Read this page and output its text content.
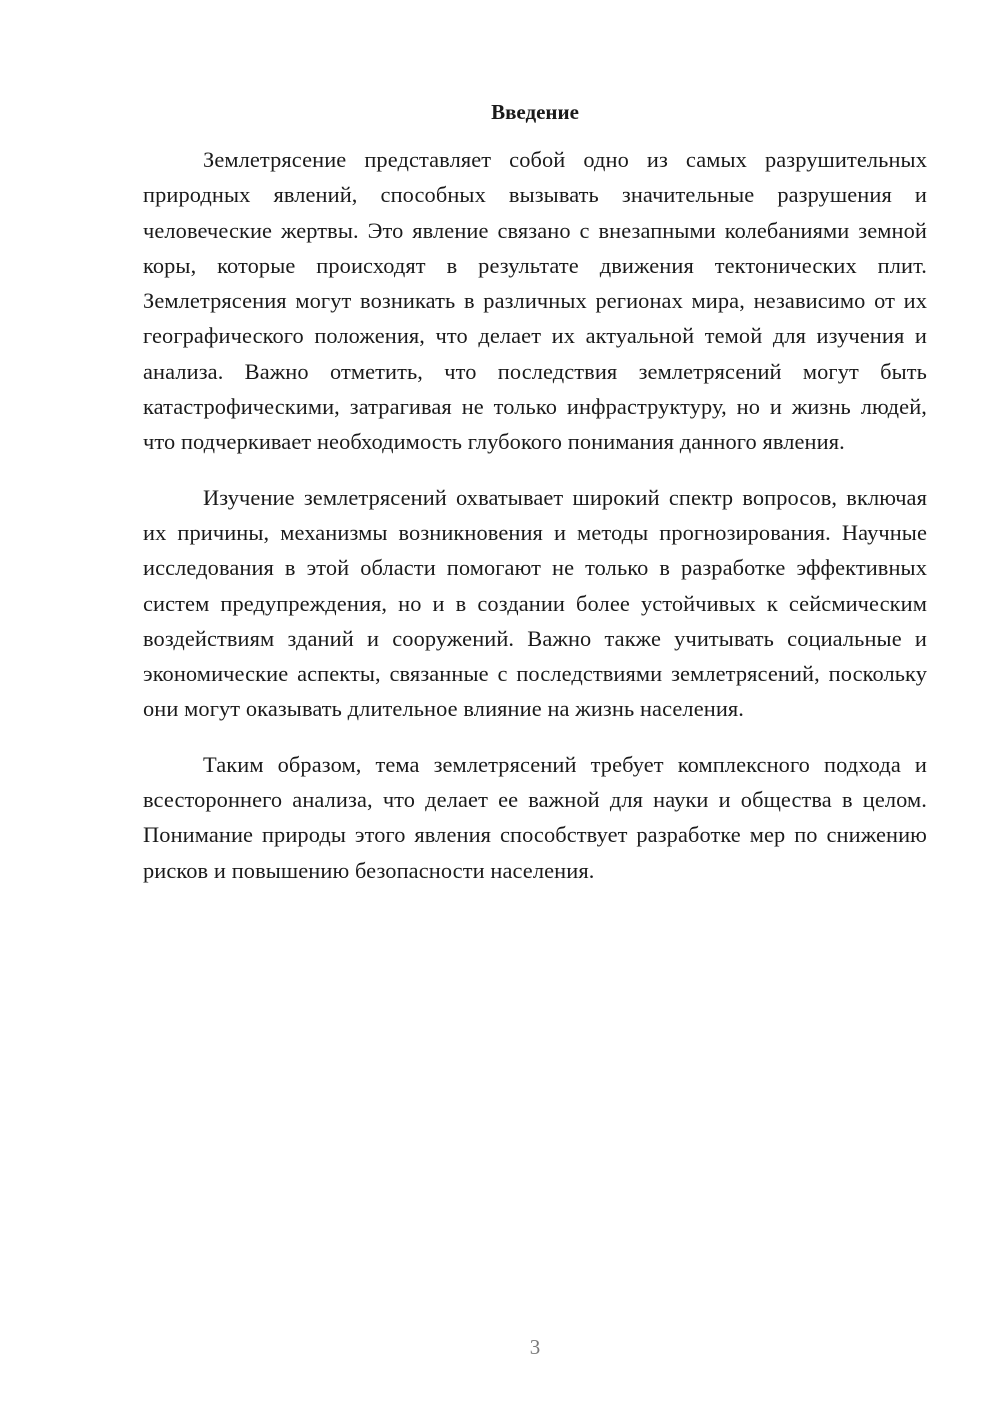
Введение

Землетрясение представляет собой одно из самых разрушительных природных явлений, способных вызывать значительные разрушения и человеческие жертвы. Это явление связано с внезапными колебаниями земной коры, которые происходят в результате движения тектонических плит. Землетрясения могут возникать в различных регионах мира, независимо от их географического положения, что делает их актуальной темой для изучения и анализа. Важно отметить, что последствия землетрясений могут быть катастрофическими, затрагивая не только инфраструктуру, но и жизнь людей, что подчеркивает необходимость глубокого понимания данного явления.

Изучение землетрясений охватывает широкий спектр вопросов, включая их причины, механизмы возникновения и методы прогнозирования. Научные исследования в этой области помогают не только в разработке эффективных систем предупреждения, но и в создании более устойчивых к сейсмическим воздействиям зданий и сооружений. Важно также учитывать социальные и экономические аспекты, связанные с последствиями землетрясений, поскольку они могут оказывать длительное влияние на жизнь населения.

Таким образом, тема землетрясений требует комплексного подхода и всестороннего анализа, что делает ее важной для науки и общества в целом. Понимание природы этого явления способствует разработке мер по снижению рисков и повышению безопасности населения.

3
